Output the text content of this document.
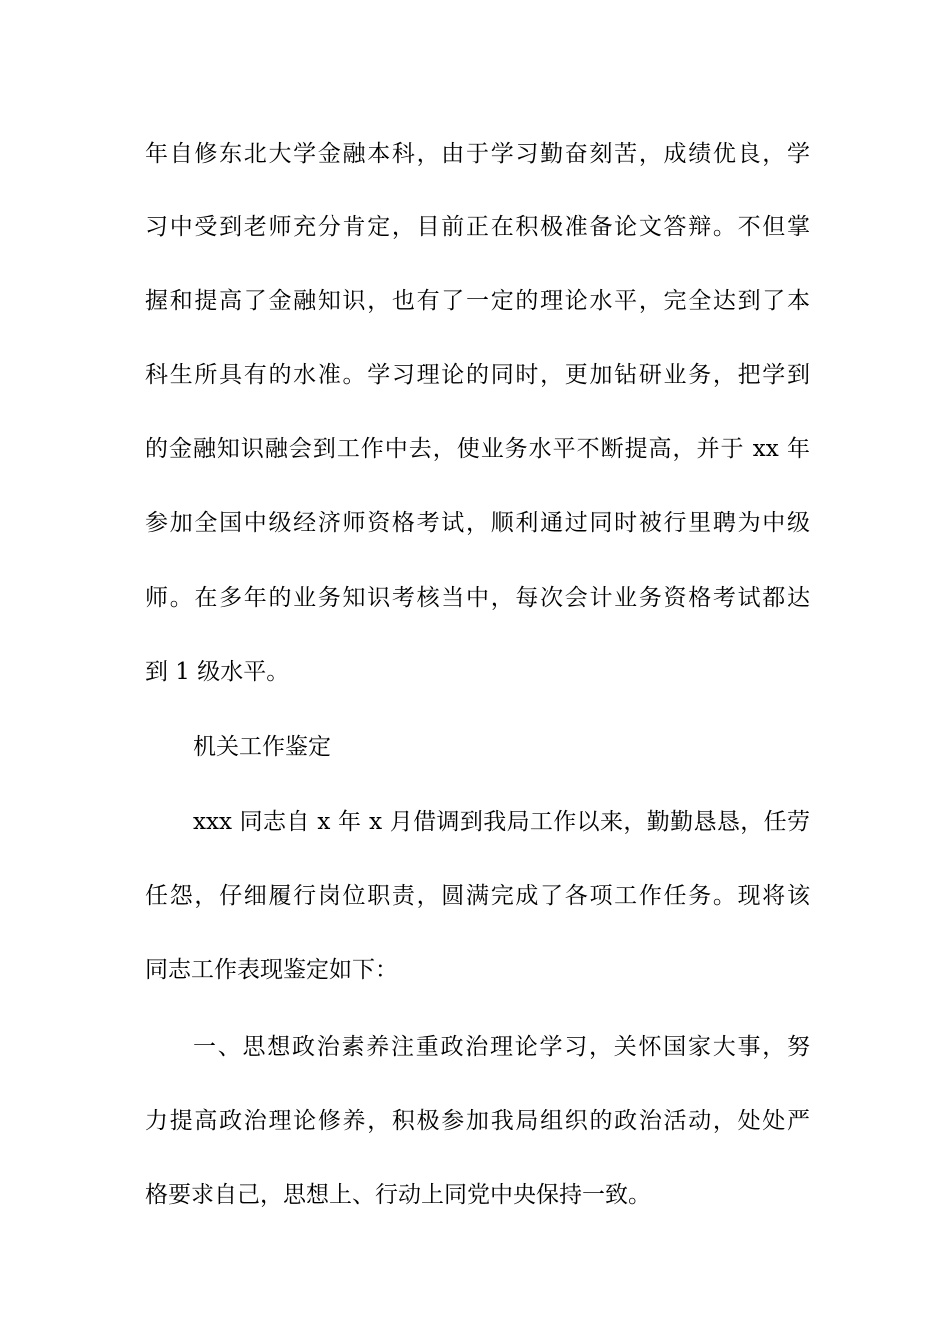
年自修东北大学金融本科，由于学习勤奋刻苦，成绩优良，学
习中受到老师充分肯定，目前正在积极准备论文答辩。不但掌
握和提高了金融知识，也有了一定的理论水平，完全达到了本
科生所具有的水准。学习理论的同时，更加钻研业务，把学到
的金融知识融会到工作中去，使业务水平不断提高，并于 xx 年
参加全国中级经济师资格考试，顺利通过同时被行里聘为中级
师。在多年的业务知识考核当中，每次会计业务资格考试都达
到 1 级水平。
机关工作鉴定
xxx 同志自 x 年 x 月借调到我局工作以来，勤勤恳恳，任劳
任怨，仔细履行岗位职责，圆满完成了各项工作任务。现将该
同志工作表现鉴定如下：
一、思想政治素养注重政治理论学习，关怀国家大事，努
力提高政治理论修养，积极参加我局组织的政治活动，处处严
格要求自己，思想上、行动上同党中央保持一致。
